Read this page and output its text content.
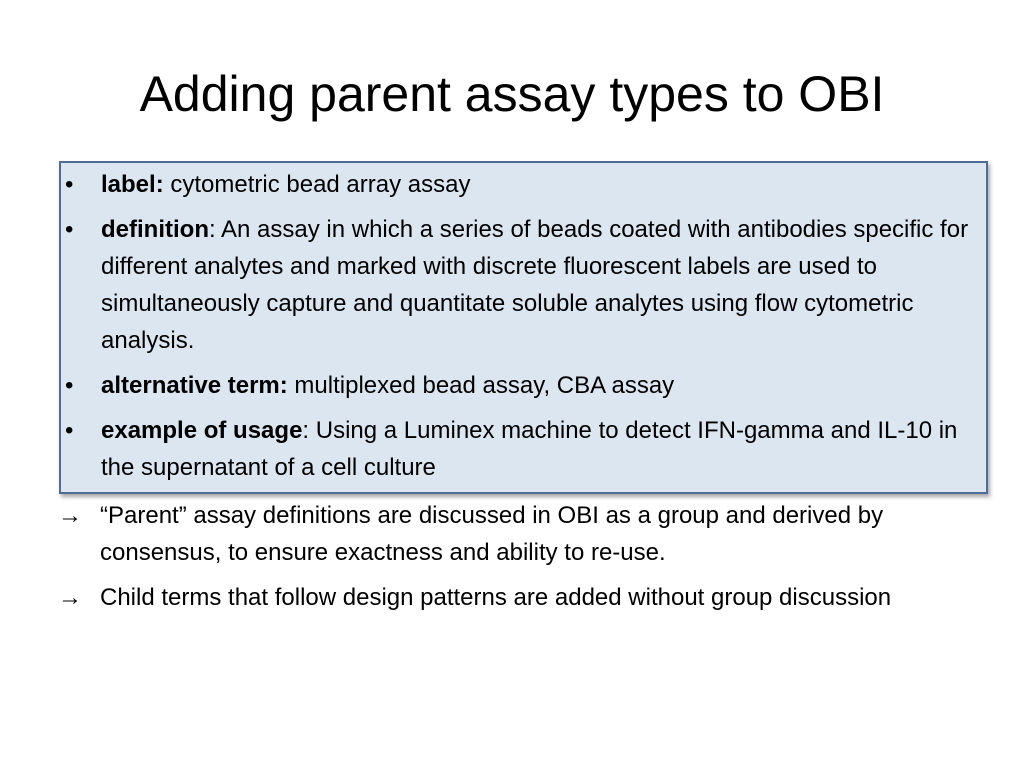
Adding parent assay types to OBI
• label: cytometric bead array assay
• definition: An assay in which a series of beads coated with antibodies specific for different analytes and marked with discrete fluorescent labels are used to simultaneously capture and quantitate soluble analytes using flow cytometric analysis.
• alternative term: multiplexed bead assay, CBA assay
• example of usage: Using a Luminex machine to detect IFN-gamma and IL-10 in the supernatant of a cell culture
→ “Parent” assay definitions are discussed in OBI as a group and derived by consensus, to ensure exactness and ability to re-use.
→ Child terms that follow design patterns are added without group discussion
